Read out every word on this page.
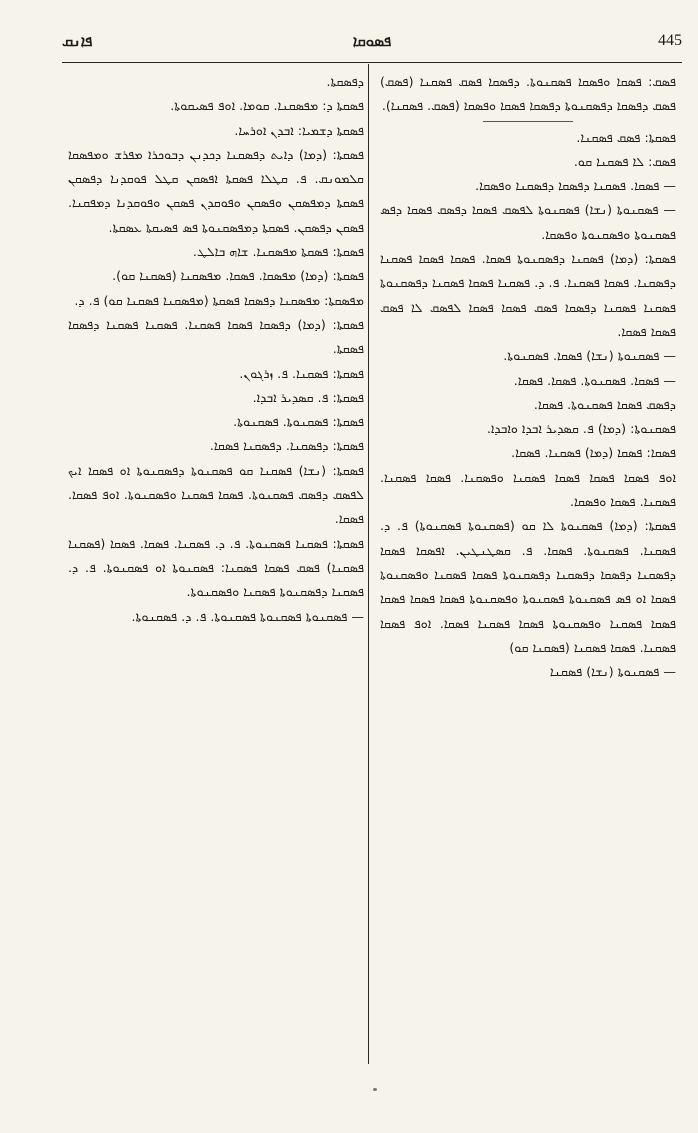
ܦܐܢܩ	ܦܣܘܩܐ	445

ܕܦܣܩܬܐ.

ܦܣܩܬܐ ܕ: ܡܦܣܩܢܐ. ܩܘܡܐ. ܐܘܦ ܦܣܝܩܘܬܐ.

ܦܣܩܬܐ ܕܫܡܝܐ: ܐܒܕܢ ܐܘܪܚܐ.

ܦܣܩܬܐ: (ܕܡܐ) ܕܐܝܬ ܕܦܣܩܢܐ ܕܟܕܢܢ ܕܒܘܟܪܐ ܡܦܪܫ ܘܡܦܣܩܐ ܩܠܡܘܢܩ. ܦ. ܩܛܠܐ ܦܣܩܬܐ ܐܦܣܩܢ ܩܛܠ ܦܘܩܕܢܐ ܕܦܣܩܢ ܦܣܩܬܐ ܕܡܦܣܩܢ ܘܦܣܩܢ ܘܦܘܩܕܢ ܦܣܩܢ ܘܦܘܩܕܢܐ ܕܡܦܩܢܐ. ܦܣܩܢ ܕܦܣܩܢ. ܦܣܩܬܐ ܕܡܦܣܩܢܘܬܐ ܦܣ ܦܣܝܩܬܐ ܥܣܩܬܐ.

ܦܣܩܬܐ: ܦܣܩܬܐ ܡܦܣܩܢܐ. ܫܐܗ ܒܐܠܛ.

ܦܣܩܬܐ: (ܕܡܐ) ܡܦܣܩܐ. ܦܣܩܐ. ܡܦܣܩܢܐ (ܦܣܩܢܐ ܩܘ).

ܡܦܣܩܬܐ: ܡܦܣܩܢܐ ܕܦܣܩܐ ܦܣܩܬܐ (ܡܦܣܩܢܐ ܦܣܩܢܐ ܩܘ) ܦ. ܕ.

ܦܣܩܬܐ: (ܕܡܐ) ܕܦܣܩܐ ܦܣܩܐ ܦܣܩܢܐ. ܦܣܩܢܐ ܦܣܩܢܐ ܕܦܣܩܐ ܦܣܩܬܐ.

ܦܣܩܬܐ: ܦܣܩܢܐ. ܦ. ܙܪܓܘܢ.

ܦܣܩܬܐ: ܦ. ܩܣܕܝܪ ܐܒܕܐ.

ܦܣܩܬܐ: ܦܣܩܢܘܬܐ. ܦܣܩܢܘܬܐ.

ܦܣܩܬܐ: ܕܦܣܩܢܐ. ܕܦܣܩܢܐ ܦܣܩܐ.

ܦܣܩܬܐ: (ܢܫܐ) ܦܣܩܢܐ ܩܘ ܦܣܩܢܘܬܐ ܕܦܣܩܢܘܬܐ ܐܘ ܦܣܩܐ ܐܝܟ ܠܦܣܩ ܕܦܣܩ ܦܣܩܢܘܬܐ. ܦܣܩܐ ܦܣܩܢܐ ܘܦܣܩܢܘܬܐ. ܐܘܦ ܦܣܩܐ. ܦܣܩܐ.

ܦܣܩܬܐ: ܦܣܩܢܐ ܦܣܩܢܘܬܐ. ܦ. ܕ. ܦܣܩܢܐ. ܦܣܩܐ. ܦܣܩܐ (ܦܣܩܢܐ ܦܣܩܢܐ) ܦܣܩ ܦܣܩܐ ܦܣܩܢܐ: ܦܣܩܢܘܬܐ ܐܘ ܦܣܩܢܘܬܐ. ܦ. ܕ. ܦܣܩܢܐ ܕܦܣܩܢܘܬܐ ܦܣܩܢܐ ܘܦܣܩܢܘܬܐ.

— ܦܣܩܢܘܬܐ ܦܣܩܢܘܬܐ ܦܣܩܢܘܬܐ. ܦ. ܕ. ܦܣܩܢܘܬܐ.

ܦܣܩ: ܦܣܩܐ ܘܦܣܩܐ ܦܣܩܢܘܬܐ. ܕܦܣܩܐ ܦܣܩ ܦܣܩܢܐ (ܦܣܩ) ܦܣܩ ܕܦܣܩܐ ܕܦܣܩܢܘܬܐ ܕܦܣܩܐ ܦܣܩܐ ܘܦܣܩܐ (ܦܣܩ. ܦܣܩܢܐ).

ܦܣܩܬܐ: ܦܣܩ ܦܣܩܢܐ.

ܦܣܩ: ܠܐ ܦܣܩܢܐ ܩܘ.

— ܦܣܩܐ. ܦܣܩܢܐ ܕܦܣܩܐ ܕܦܣܩܢܐ ܘܦܣܩܐ.

— ܦܣܩܢܘܬܐ (ܢܫܐ) ܦܣܩܢܘܬܐ ܠܦܣܩ ܦܣܩܐ ܕܦܣܩ ܦܣܩܐ ܕܦܣ ܦܣܩܢܘܬܐ ܘܦܣܩܢܘܬܐ ܘܦܣܩܐ.

ܦܣܩܬܐ: (ܕܡܐ) ܦܣܩܢܐ ܕܦܣܩܢܘܬܐ ܦܣܩܐ. ܦܣܩܐ ܦܣܩܐ ܦܣܩܢܐ ܕܦܣܩܢܐ. ܦܣܩܐ ܦܣܩܢܐ. ܦ. ܕ. ܦܣܩܢܐ ܦܣܩܐ ܦܣܩܢܐ ܕܦܣܩܢܘܬܐ ܦܣܩܢܐ ܦܣܩܢܐ ܕܦܣܩܐ ܦܣܩ ܦܣܩܐ ܦܣܩܐ ܠܦܣܩ ܠܐ ܦܣܩ ܦܣܩܐ ܦܣܩܐ.

— ܦܣܩܢܘܬܐ (ܢܫܐ) ܦܣܩܐ. ܦܣܩܢܘܬܐ.

— ܦܣܩܐ. ܦܣܩܢܘܬܐ. ܦܣܩܐ. ܦܣܩܐ.

ܕܦܣܩ ܦܣܩܐ ܦܣܩܢܘܬܐ. ܦܣܩܐ.

ܦܣܩܢܘܬܐ: (ܕܡܐ) ܦ. ܩܣܕܝܪ ܐܒܕܐ ܘܐܒܕܐ.

ܦܣܩܐ: ܦܣܩܐ (ܕܡܐ) ܦܣܩܢܐ. ܦܣܩܐ.

ܐܘܦ ܦܣܩܐ ܦܣܩܐ ܦܣܩܐ ܦܣܩܢܐ ܘܦܣܩܢܐ. ܦܣܩܐ ܦܣܩܢܐ. ܦܣܩܢܐ. ܦܣܩܐ ܘܦܣܩܐ.

ܦܣܩܬܐ: (ܕܡܐ) ܦܣܩܢܘܬܐ ܠܐ ܩܘ (ܦܣܩܢܘܬܐ ܦܣܩܢܘܬܐ) ܦ. ܕ. ܦܣܩܢܐ. ܦܣܩܢܘܬܐ. ܦܣܩܐ. ܦ. ܩܣܛܢܛܝܢ. ܐܦܣܩܐ ܦܣܩܐ ܕܦܣܩܢܐ ܕܦܣܩܐ ܕܦܣܩܢܐ ܕܦܣܩܢܘܬܐ ܦܣܩܐ ܦܣܩܢܐ ܘܦܣܩܢܘܬܐ ܦܣܩܐ ܐܘ ܦܣ ܦܣܩܢܘܬܐ ܦܣܩܢܘܬܐ ܘܦܣܩܢܘܬܐ ܦܣܩܐ ܦܣܩܐ ܦܣܩܐ ܦܣܩܐ ܦܣܩܢܐ ܘܦܣܩܢܘܬܐ ܦܣܩܐ ܦܣܩܢܐ ܦܣܩܐ. ܐܘܦ ܦܣܩܐ ܦܣܩܢܐ. ܦܣܩܐ ܦܣܩܢܐ (ܦܣܩܢܐ ܩܘ)

— ܦܣܩܢܘܬܐ (ܢܫܐ) ܦܣܩܢܐ
